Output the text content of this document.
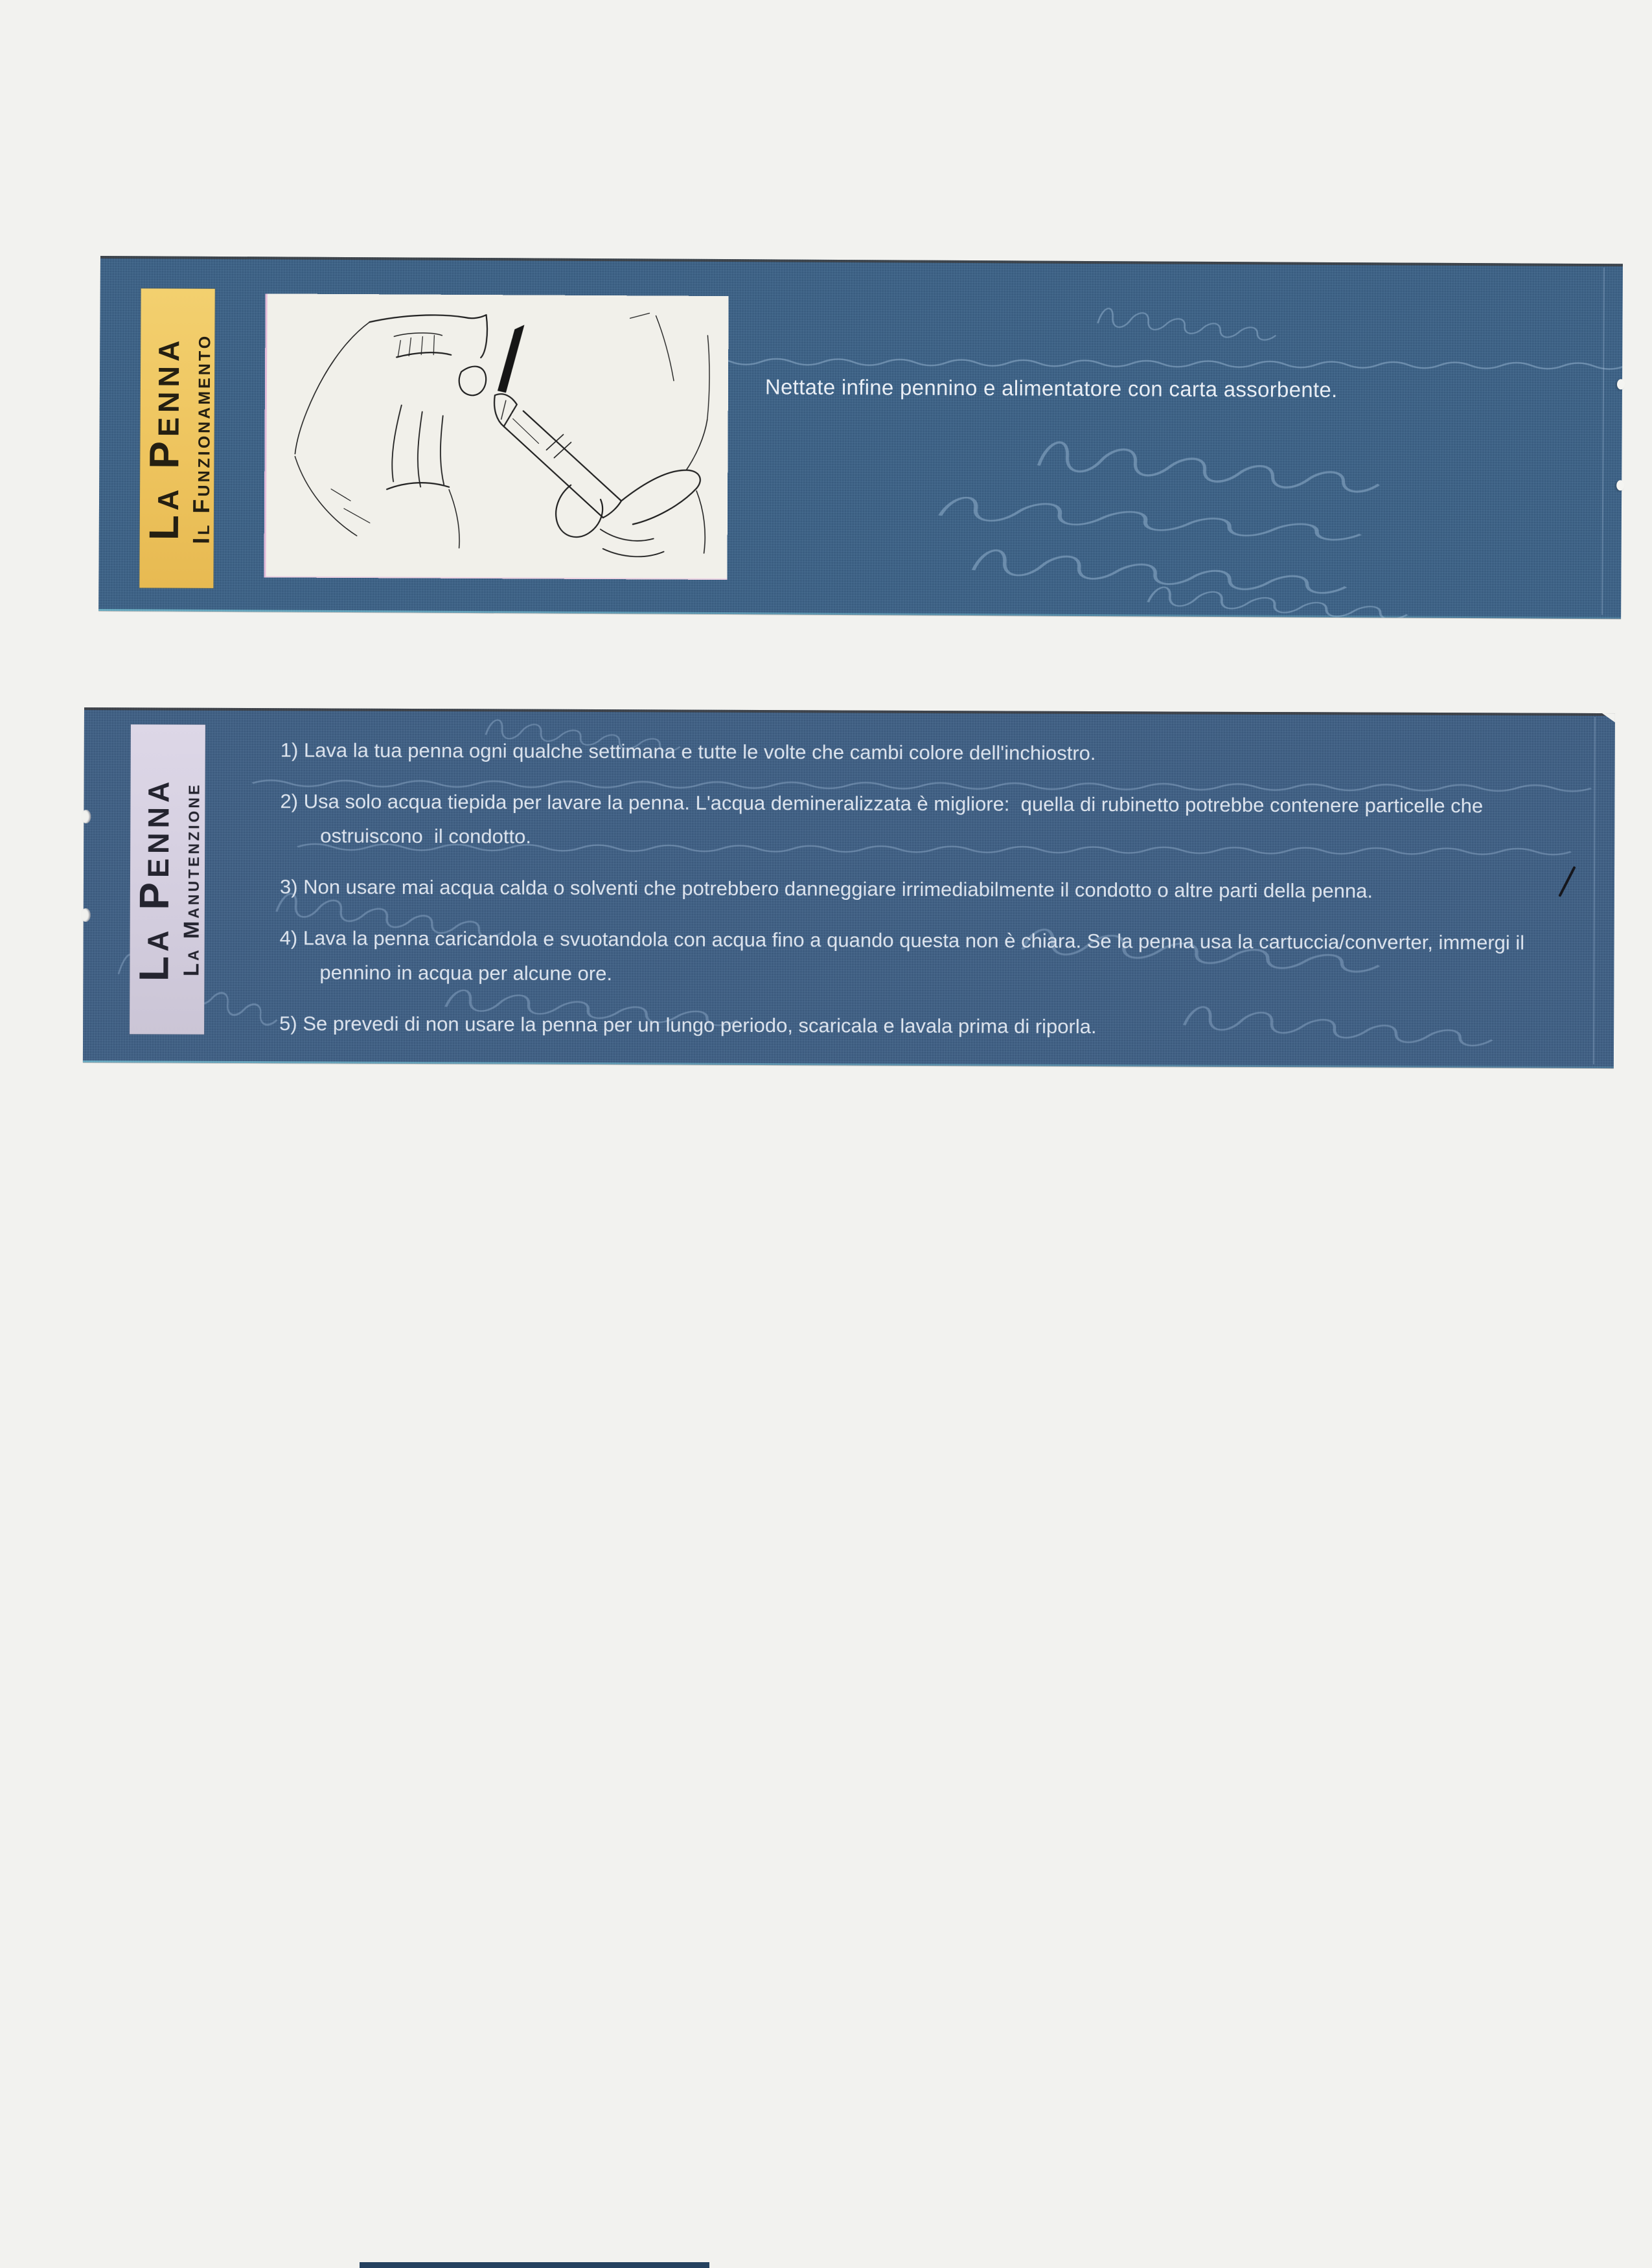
La Penna Il Funzionamento	Nettate infine pennino e alimentatore con carta assorbente.
La Penna La Manutenzione
1) Lava la tua penna ogni qualche settimana e tutte le volte che cambi colore dell'inchiostro.
2) Usa solo acqua tiepida per lavare la penna. L'acqua demineralizzata è migliore:  quella di rubinetto potrebbe contenere particelle che ostruiscono  il condotto.
3) Non usare mai acqua calda o solventi che potrebbero danneggiare irrimediabilmente il condotto o altre parti della penna.
4) Lava la penna caricandola e svuotandola con acqua fino a quando questa non è chiara. Se la penna usa la cartuccia/converter, immergi il pennino in acqua per alcune ore.
5) Se prevedi di non usare la penna per un lungo periodo, scaricala e lavala prima di riporla.
